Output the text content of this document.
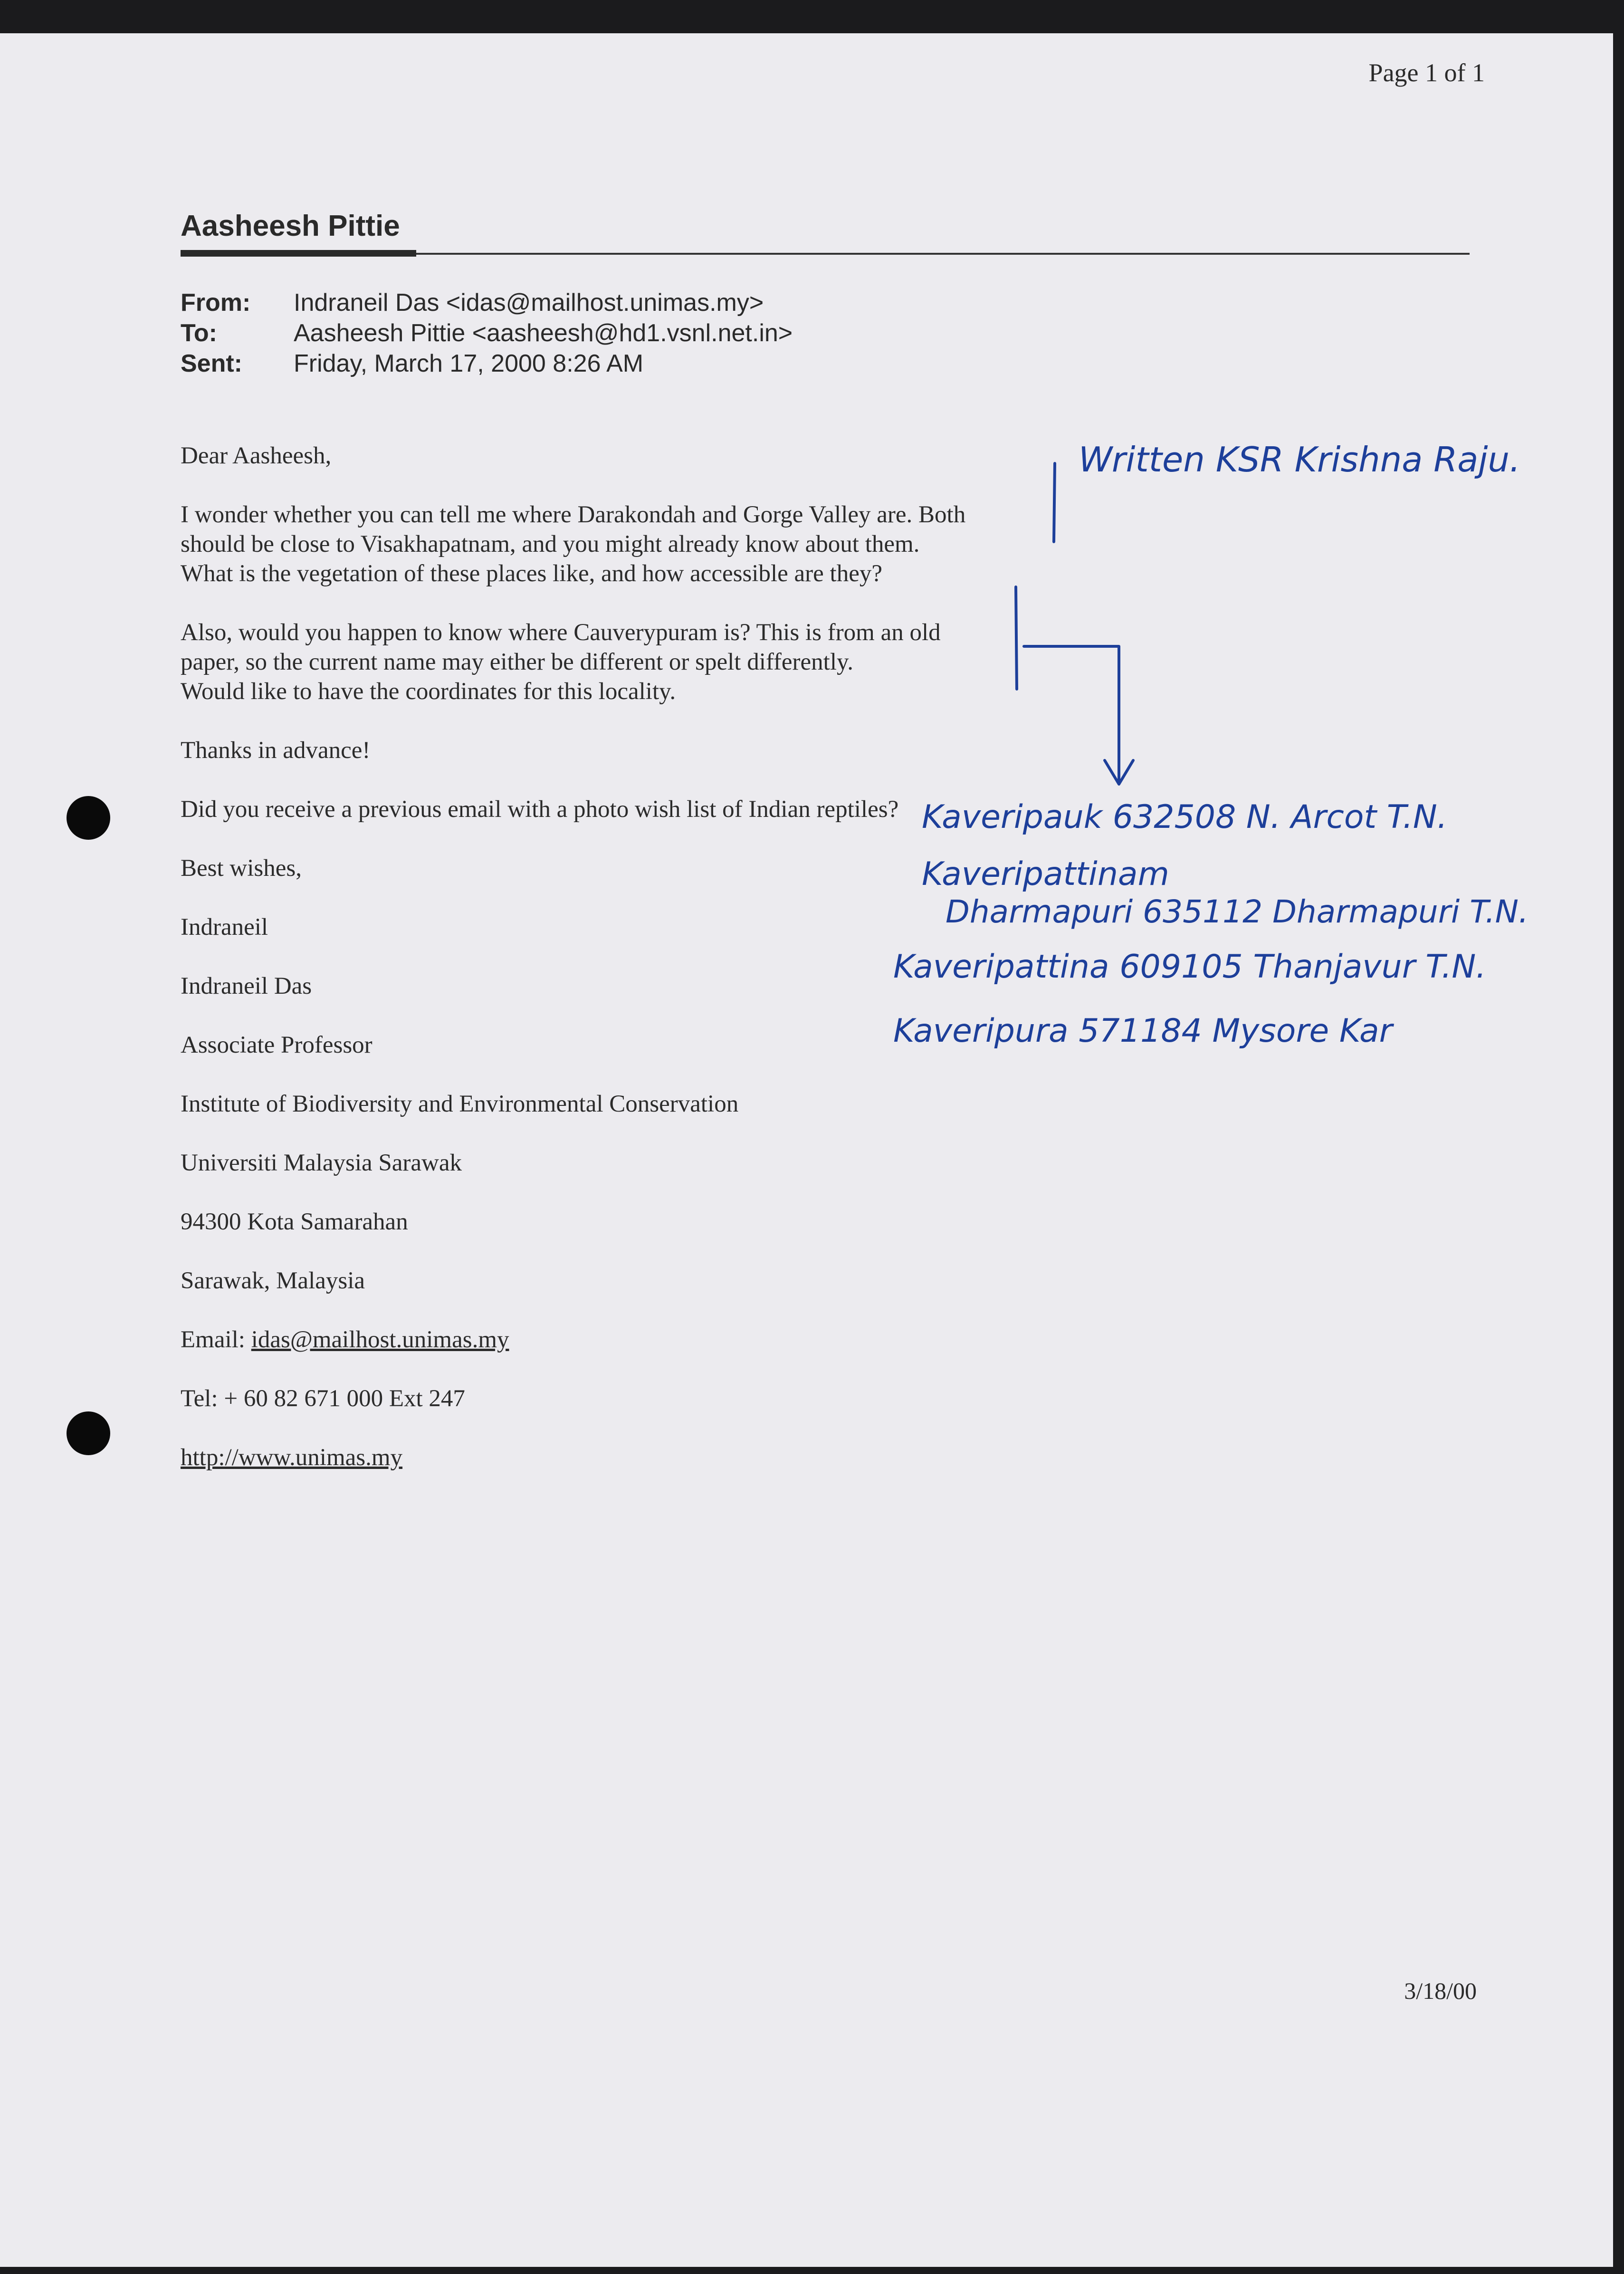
Page 1 of 1
Aasheesh Pittie
From:	Indraneil Das <idas@mailhost.unimas.my>
To:	Aasheesh Pittie <aasheesh@hd1.vsnl.net.in>
Sent:	Friday, March 17, 2000 8:26 AM

Dear Aasheesh,

I wonder whether you can tell me where Darakondah and Gorge Valley are. Both
should be close to Visakhapatnam, and you might already know about them.
What is the vegetation of these places like, and how accessible are they?

Also, would you happen to know where Cauverypuram is? This is from an old
paper, so the current name may either be different or spelt differently.
Would like to have the coordinates for this locality.

Thanks in advance!

Did you receive a previous email with a photo wish list of Indian reptiles?

Best wishes,

Indraneil

Indraneil Das

Associate Professor

Institute of Biodiversity and Environmental Conservation

Universiti Malaysia Sarawak

94300 Kota Samarahan

Sarawak, Malaysia

Email: idas@mailhost.unimas.my

Tel: + 60 82 671 000 Ext 247

http://www.unimas.my

Written KSR Krishna Raju.
Kaveripauk 632508 N. Arcot T.N.
Kaveripattinam
Dharmapuri 635112 Dharmapuri T.N.
Kaveripattina 609105 Thanjavur T.N.
Kaveripura 571184 Mysore Kar
3/18/00
